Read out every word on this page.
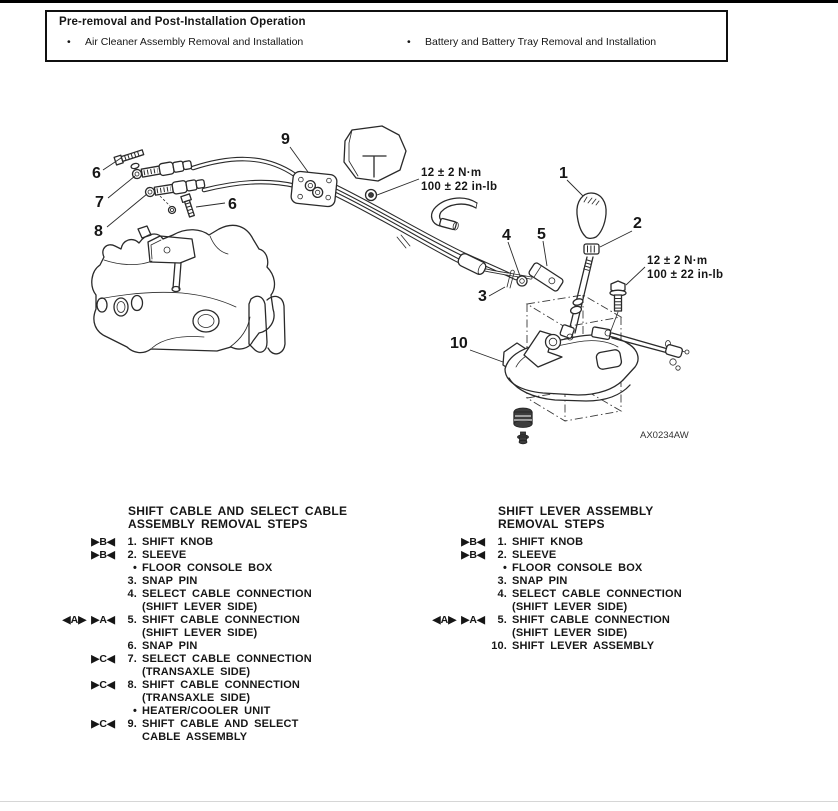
Pre-removal and Post-Installation Operation
• Air Cleaner Assembly Removal and Installation	• Battery and Battery Tray Removal and Installation
6
7
8
6
9
1
2
4 5
3
10
12 ± 2 N·m
100 ± 22 in-lb
12 ± 2 N·m
100 ± 22 in-lb
AX0234AW
SHIFT CABLE AND SELECT CABLE
ASSEMBLY REMOVAL STEPS
▶B◀	1. SHIFT KNOB
▶B◀	2. SLEEVE
• FLOOR CONSOLE BOX
3. SNAP PIN
4. SELECT CABLE CONNECTION
(SHIFT LEVER SIDE)
◀A▶ ▶A◀	5. SHIFT CABLE CONNECTION
(SHIFT LEVER SIDE)
6. SNAP PIN
▶C◀	7. SELECT CABLE CONNECTION
(TRANSAXLE SIDE)
▶C◀	8. SHIFT CABLE CONNECTION
(TRANSAXLE SIDE)
• HEATER/COOLER UNIT
▶C◀	9. SHIFT CABLE AND SELECT
CABLE ASSEMBLY
SHIFT LEVER ASSEMBLY
REMOVAL STEPS
▶B◀	1. SHIFT KNOB
▶B◀	2. SLEEVE
• FLOOR CONSOLE BOX
3. SNAP PIN
4. SELECT CABLE CONNECTION
(SHIFT LEVER SIDE)
◀A▶ ▶A◀	5. SHIFT CABLE CONNECTION
(SHIFT LEVER SIDE)
10. SHIFT LEVER ASSEMBLY
